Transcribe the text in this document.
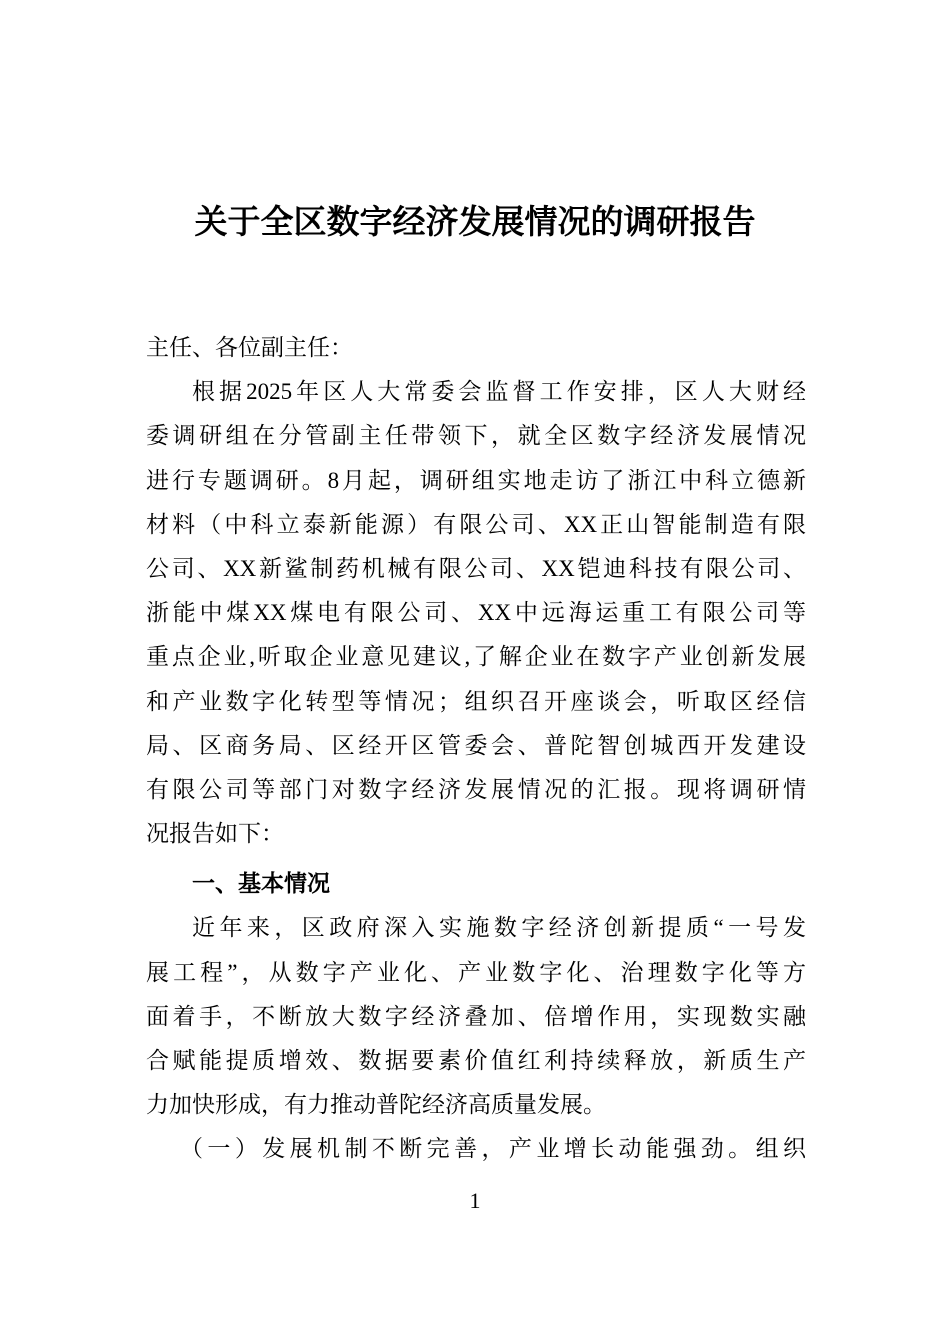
关于全区数字经济发展情况的调研报告
主任、各位副主任：
根据2025年区人大常委会监督工作安排，区人大财经
委调研组在分管副主任带领下，就全区数字经济发展情况
进行专题调研。8月起，调研组实地走访了浙江中科立德新
材料（中科立泰新能源）有限公司、XX正山智能制造有限
公司、XX新鲨制药机械有限公司、XX铠迪科技有限公司、
浙能中煤XX煤电有限公司、XX中远海运重工有限公司等
重点企业,听取企业意见建议,了解企业在数字产业创新发展
和产业数字化转型等情况；组织召开座谈会，听取区经信
局、区商务局、区经开区管委会、普陀智创城西开发建设
有限公司等部门对数字经济发展情况的汇报。现将调研情
况报告如下：
一、基本情况
近年来，区政府深入实施数字经济创新提质“一号发
展工程”，从数字产业化、产业数字化、治理数字化等方
面着手，不断放大数字经济叠加、倍增作用，实现数实融
合赋能提质增效、数据要素价值红利持续释放，新质生产
力加快形成，有力推动普陀经济高质量发展。
（一）发展机制不断完善，产业增长动能强劲。组织
1
